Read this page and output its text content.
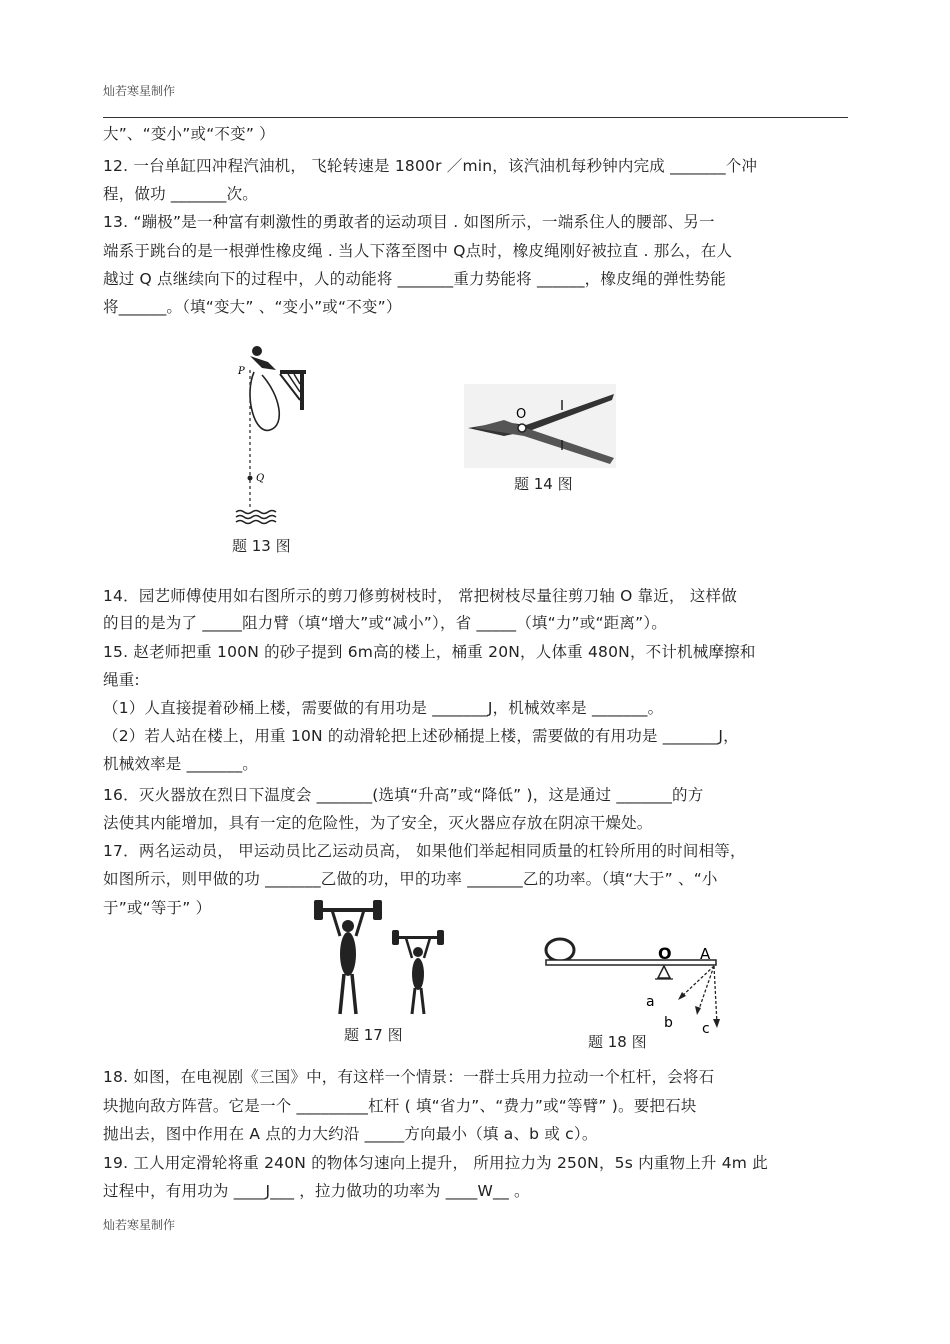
灿若寒星制作
大”、“变小”或“不变” ）
12. 一台单缸四冲程汽油机， 飞轮转速是 1800r ／min，该汽油机每秒钟内完成 _______个冲
程，做功 _______次。
13. “蹦极”是一种富有刺激性的勇敢者的运动项目 . 如图所示，一端系住人的腰部、另一
端系于跳台的是一根弹性橡皮绳 . 当人下落至图中 Q点时，橡皮绳刚好被拉直 . 那么，在人
越过 Q 点继续向下的过程中，人的动能将 _______重力势能将 ______，橡皮绳的弹性势能
将______。（填“变大” 、“变小”或“不变”）
P
Q
题 13 图
O
题 14 图
14．园艺师傅使用如右图所示的剪刀修剪树枝时， 常把树枝尽量往剪刀轴 O 靠近， 这样做
的目的是为了 _____阻力臂（填“增大”或“减小”），省 _____（填“力”或“距离”）。
15. 赵老师把重 100N 的砂子提到 6m高的楼上，桶重 20N，人体重 480N，不计机械摩擦和
绳重:
（1）人直接提着砂桶上楼，需要做的有用功是 _______J，机械效率是 _______。
（2）若人站在楼上，用重 10N 的动滑轮把上述砂桶提上楼，需要做的有用功是 _______J，
机械效率是 _______。
16．灭火器放在烈日下温度会 _______(选填“升高”或“降低” )，这是通过 _______的方
法使其内能增加，具有一定的危险性，为了安全，灭火器应存放在阴凉干燥处。
17．两名运动员， 甲运动员比乙运动员高， 如果他们举起相同质量的杠铃所用的时间相等，
如图所示，则甲做的功 _______乙做的功，甲的功率 _______乙的功率。（填“大于” 、“小
于”或“等于” ）
题 17 图
O A
a
b c
题 18 图
18. 如图，在电视剧《三国》中，有这样一个情景：一群士兵用力拉动一个杠杆，会将石
块抛向敌方阵营。它是一个 _________杠杆 ( 填“省力”、“费力”或“等臂” )。要把石块
抛出去，图中作用在 A 点的力大约沿 _____方向最小（填 a、b 或 c）。
19. 工人用定滑轮将重 240N 的物体匀速向上提升， 所用拉力为 250N，5s 内重物上升 4m 此
过程中，有用功为 ____J___ ，拉力做功的功率为 ____W__ 。
灿若寒星制作
